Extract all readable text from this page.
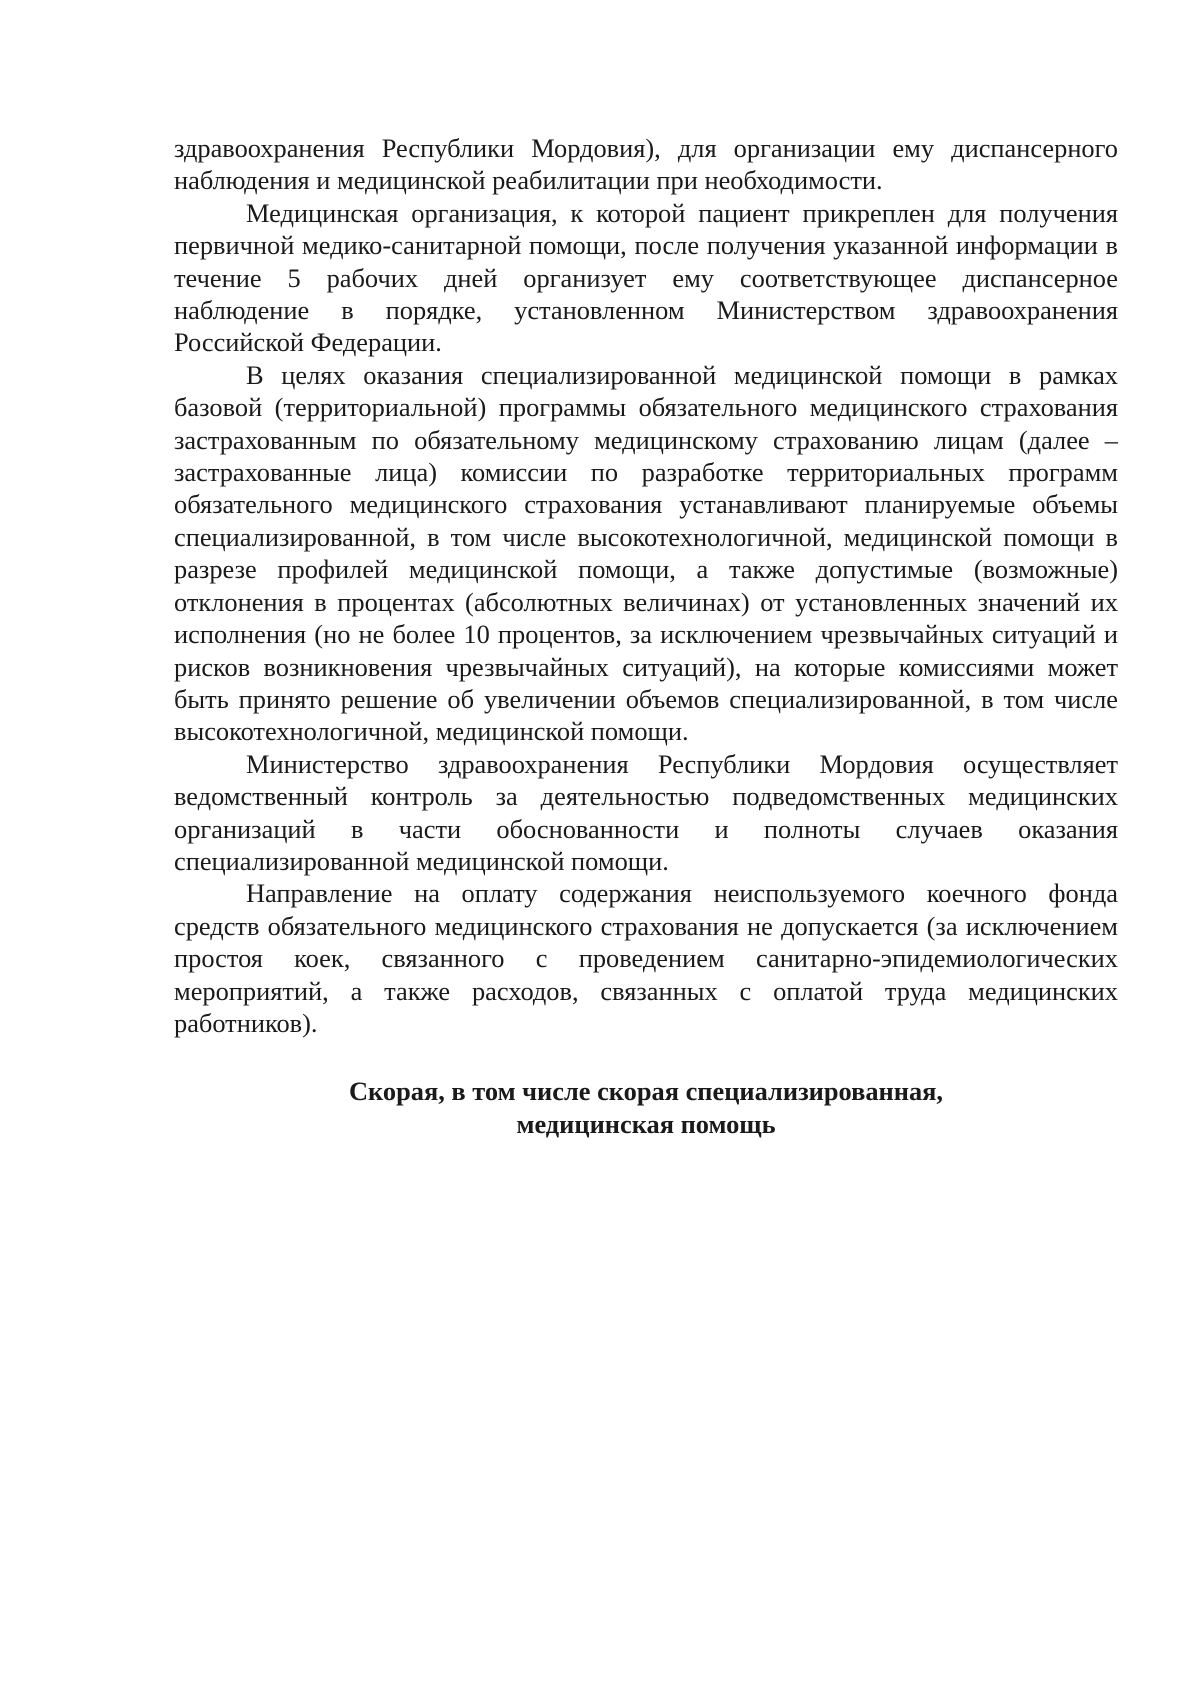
здравоохранения Республики Мордовия), для организации ему диспансерного наблюдения и медицинской реабилитации при необходимости.

Медицинская организация, к которой пациент прикреплен для получения первичной медико-санитарной помощи, после получения указанной информации в течение 5 рабочих дней организует ему соответствующее диспансерное наблюдение в порядке, установленном Министерством здравоохранения Российской Федерации.

В целях оказания специализированной медицинской помощи в рамках базовой (территориальной) программы обязательного медицинского страхования застрахованным по обязательному медицинскому страхованию лицам (далее – застрахованные лица) комиссии по разработке территориальных программ обязательного медицинского страхования устанавливают планируемые объемы специализированной, в том числе высокотехнологичной, медицинской помощи в разрезе профилей медицинской помощи, а также допустимые (возможные) отклонения в процентах (абсолютных величинах) от установленных значений их исполнения (но не более 10 процентов, за исключением чрезвычайных ситуаций и рисков возникновения чрезвычайных ситуаций), на которые комиссиями может быть принято решение об увеличении объемов специализированной, в том числе высокотехнологичной, медицинской помощи.

Министерство здравоохранения Республики Мордовия осуществляет ведомственный контроль за деятельностью подведомственных медицинских организаций в части обоснованности и полноты случаев оказания специализированной медицинской помощи.

Направление на оплату содержания неиспользуемого коечного фонда средств обязательного медицинского страхования не допускается (за исключением простоя коек, связанного с проведением санитарно-эпидемиологических мероприятий, а также расходов, связанных с оплатой труда медицинских работников).

Скорая, в том числе скорая специализированная,
медицинская помощь
